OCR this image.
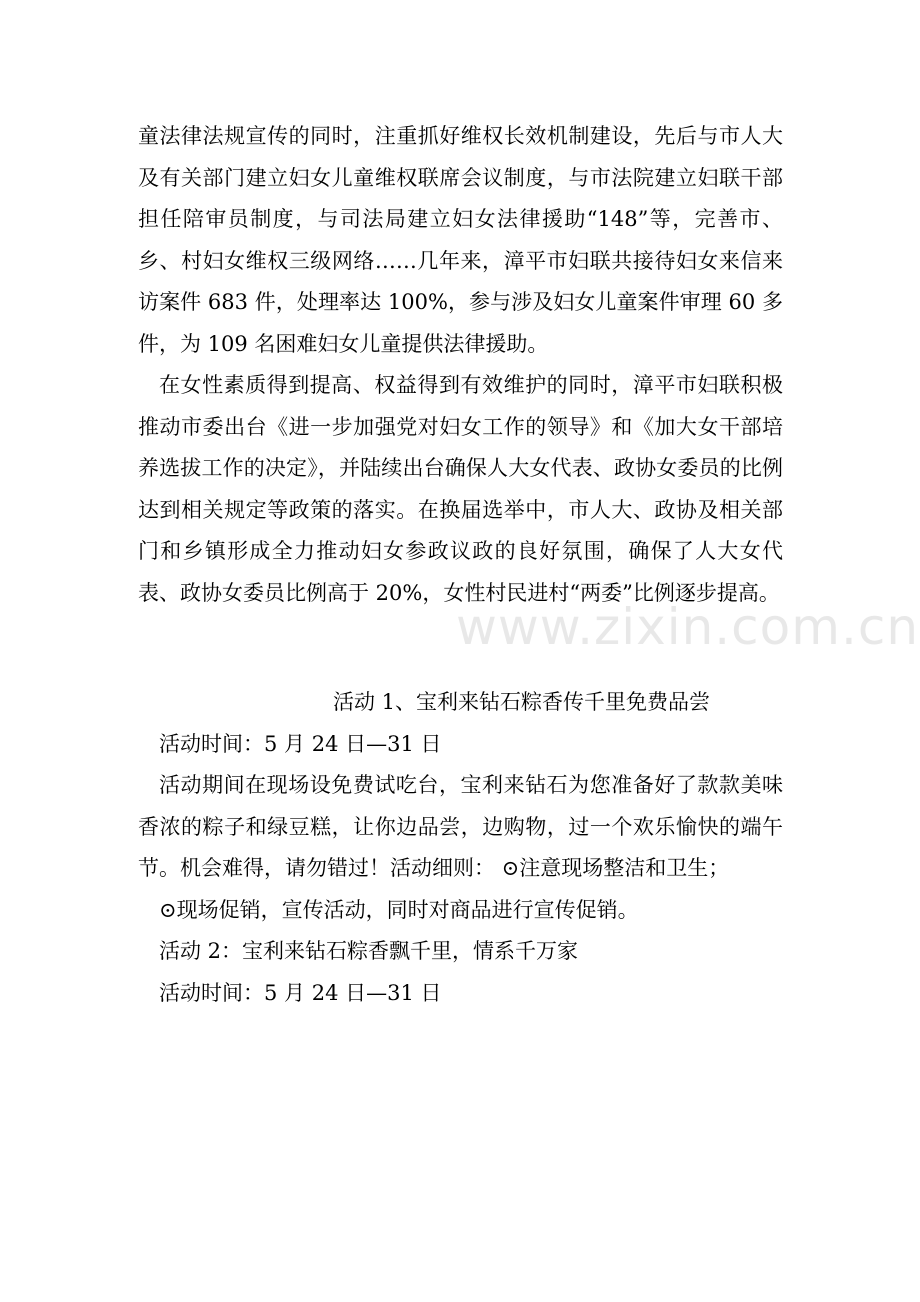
童法律法规宣传的同时，注重抓好维权长效机制建设，先后与市人大及有关部门建立妇女儿童维权联席会议制度，与市法院建立妇联干部担任陪审员制度，与司法局建立妇女法律援助“148”等，完善市、乡、村妇女维权三级网络……几年来，漳平市妇联共接待妇女来信来访案件 683 件，处理率达 100%，参与涉及妇女儿童案件审理 60 多件，为 109 名困难妇女儿童提供法律援助。

在女性素质得到提高、权益得到有效维护的同时，漳平市妇联积极推动市委出台《进一步加强党对妇女工作的领导》和《加大女干部培养选拔工作的决定》，并陆续出台确保人大女代表、政协女委员的比例达到相关规定等政策的落实。在换届选举中，市人大、政协及相关部门和乡镇形成全力推动妇女参政议政的良好氛围，确保了人大女代表、政协女委员比例高于 20%，女性村民进村“两委”比例逐步提高。

活动 1、宝利来钻石粽香传千里免费品尝

活动时间：5 月 24 日—31 日

活动期间在现场设免费试吃台，宝利来钻石为您准备好了款款美味香浓的粽子和绿豆糕，让你边品尝，边购物，过一个欢乐愉快的端午节。机会难得，请勿错过！活动细则： ⊙注意现场整洁和卫生；

⊙现场促销，宣传活动，同时对商品进行宣传促销。

活动 2：宝利来钻石粽香飘千里，情系千万家

活动时间：5 月 24 日—31 日

www.zixin.com.cn
